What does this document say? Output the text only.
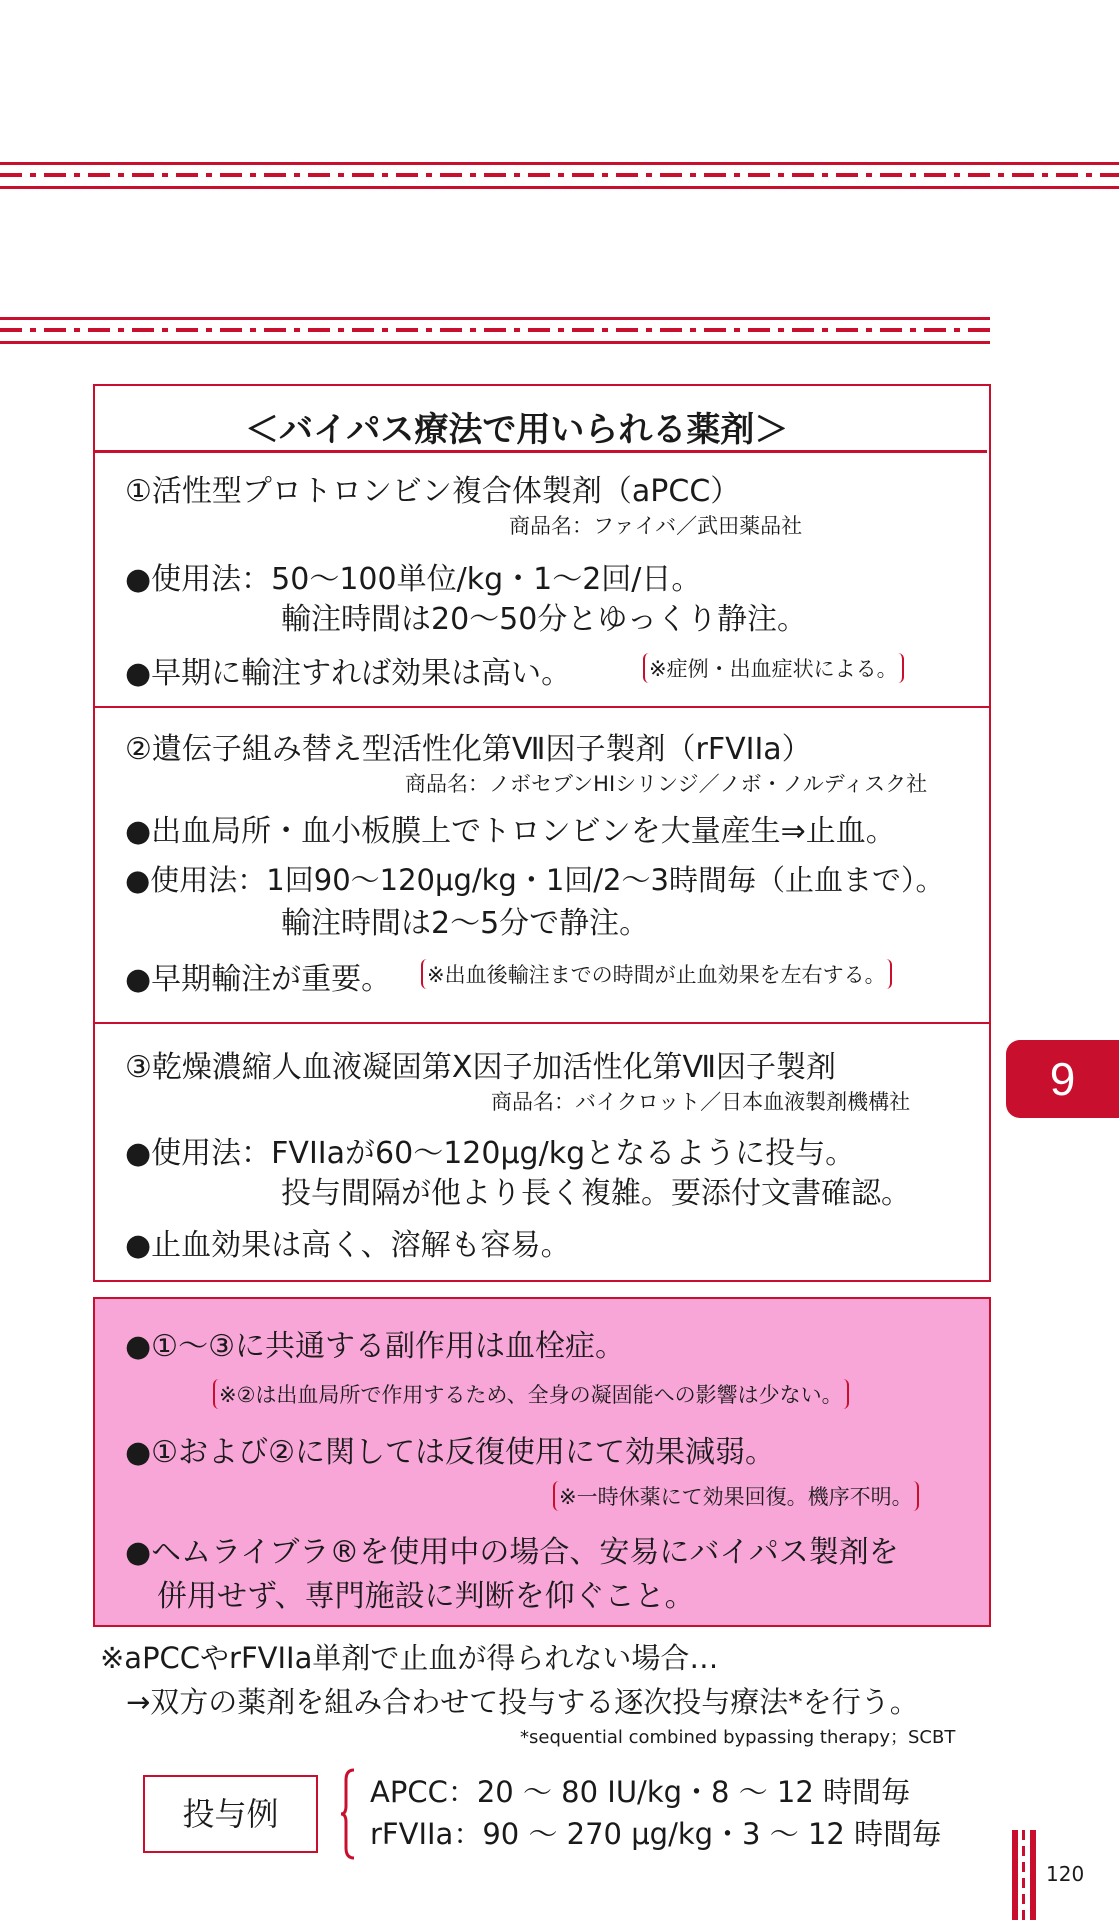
＜バイパス療法で用いられる薬剤＞
①活性型プロトロンビン複合体製剤（aPCC）
商品名：ファイバ／武田薬品社
●使用法：50〜100単位/kg・1〜2回/日。
輸注時間は20〜50分とゆっくり静注。
●早期に輸注すれば効果は高い。	※症例・出血症状による。
②遺伝子組み替え型活性化第Ⅶ因子製剤（rFVIIa）
商品名：ノボセブンHIシリンジ／ノボ・ノルディスク社
●出血局所・血小板膜上でトロンビンを大量産生⇒止血。
●使用法：1回90〜120μg/kg・1回/2〜3時間毎（止血まで）。
輸注時間は2〜5分で静注。
●早期輸注が重要。 ※出血後輸注までの時間が止血効果を左右する。
③乾燥濃縮人血液凝固第Ⅹ因子加活性化第Ⅶ因子製剤
商品名：バイクロット／日本血液製剤機構社
●使用法：FVIIaが60〜120μg/kgとなるように投与。
投与間隔が他より長く複雑。要添付文書確認。
●止血効果は高く、溶解も容易。
●①〜③に共通する副作用は血栓症。
※②は出血局所で作用するため、全身の凝固能への影響は少ない。
●①および②に関しては反復使用にて効果減弱。
※一時休薬にて効果回復。機序不明。
●ヘムライブラ®を使用中の場合、安易にバイパス製剤を
併用せず、専門施設に判断を仰ぐこと。
※aPCCやrFVIIa単剤で止血が得られない場合…
→双方の薬剤を組み合わせて投与する逐次投与療法*を行う。
*sequential combined bypassing therapy；SCBT
投与例
APCC：20 〜 80 IU/kg・8 〜 12 時間毎
rFVIIa：90 〜 270 μg/kg・3 〜 12 時間毎
9
120
